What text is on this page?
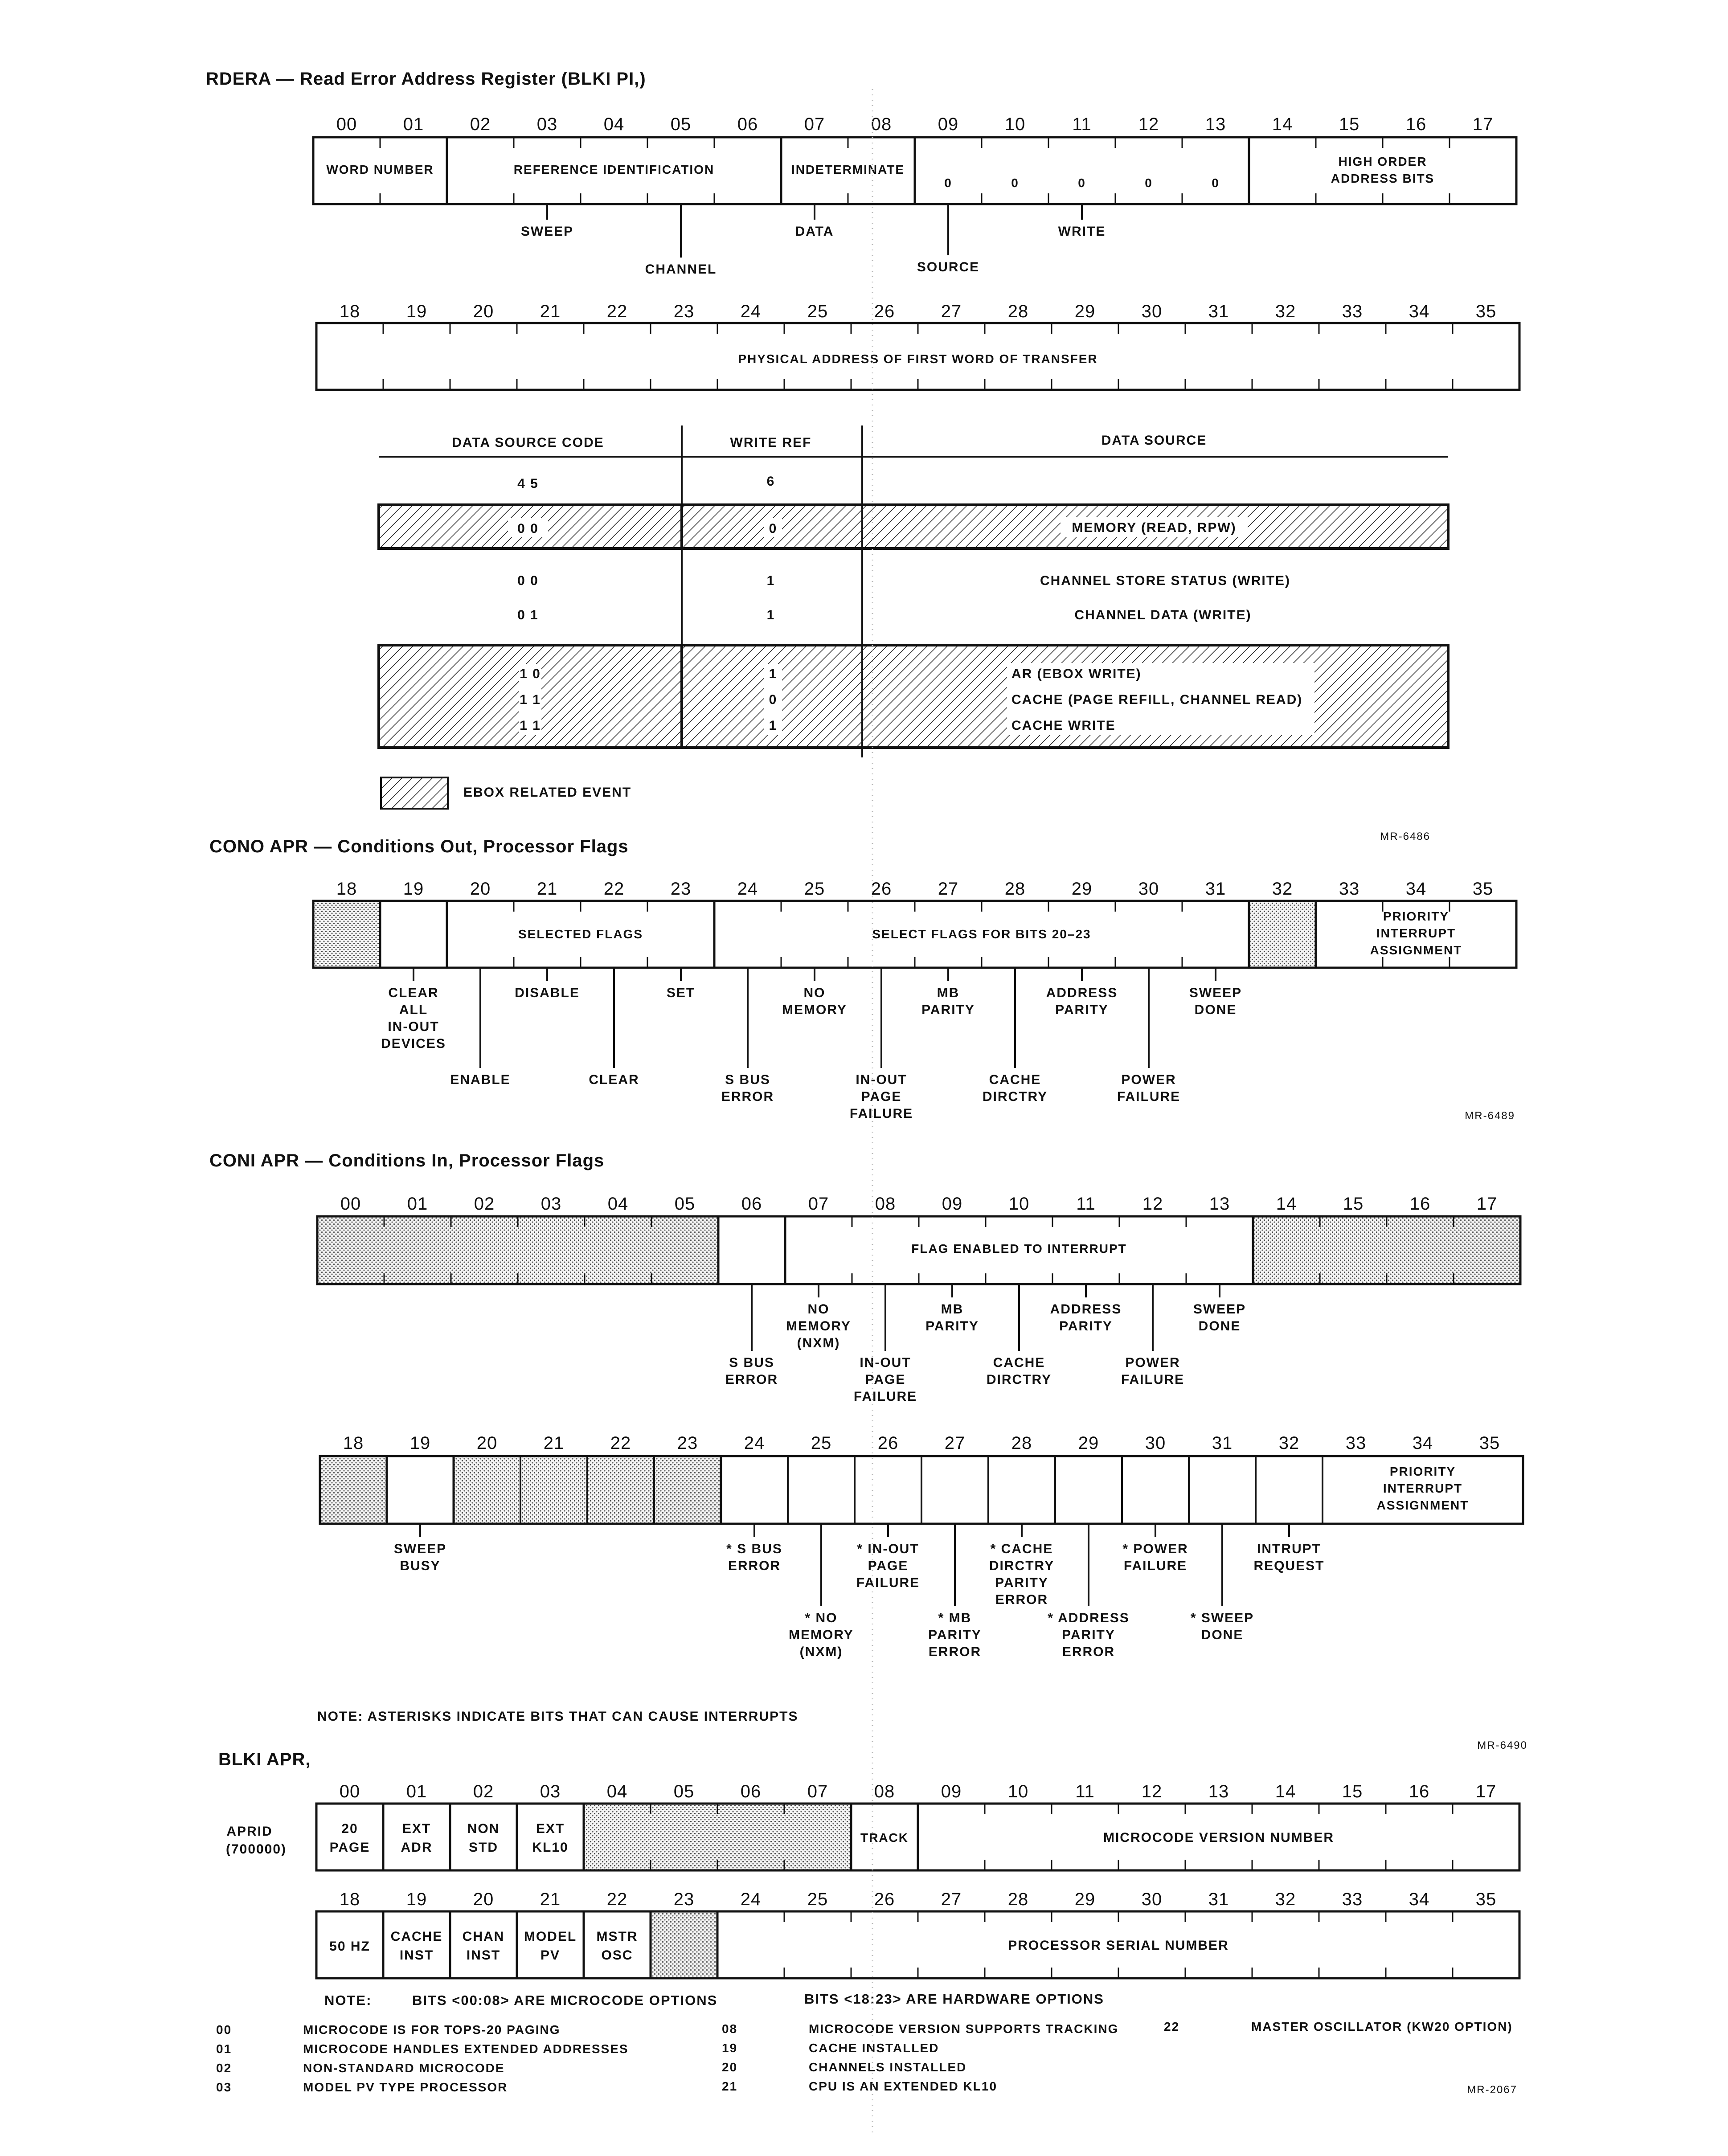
RDERA — Read Error Address Register (BLKI PI,)
00	01	02	03	04	05	06	07	08	09	10	11	12	13	14	15	16	17
WORD NUMBER	REFERENCE IDENTIFICATION	INDETERMINATE
0	0	0	0	0
HIGH ORDER
ADDRESS BITS
SWEEP
CHANNEL
DATA
SOURCE
WRITE
18	19	20	21	22	23	24	25	26	27	28	29	30	31	32	33	34	35
PHYSICAL ADDRESS OF FIRST WORD OF TRANSFER
DATA SOURCE CODE	WRITE REF	DATA SOURCE
4 5	6
0 0	0	MEMORY (READ, RPW)
0 0	1	CHANNEL STORE STATUS (WRITE)
0 1	1	CHANNEL DATA (WRITE)
1 0	1	AR (EBOX WRITE)
1 1	0	CACHE (PAGE REFILL, CHANNEL READ)
1 1	1	CACHE WRITE
EBOX RELATED EVENT
MR-6486
CONO APR — Conditions Out, Processor Flags
18	19	20	21	22	23	24	25	26	27	28	29	30	31	32	33	34	35
SELECTED FLAGS	SELECT FLAGS FOR BITS 20–23
PRIORITY
INTERRUPT
ASSIGNMENT
CLEAR
ALL
IN-OUT
DEVICES
DISABLE	SET	NO
MEMORY
MB
PARITY
ADDRESS
PARITY
SWEEP
DONE
ENABLE	CLEAR	S BUS
ERROR
IN-OUT
PAGE
FAILURE
CACHE
DIRCTRY
POWER
FAILURE
MR-6489
CONI APR — Conditions In, Processor Flags
00	01	02	03	04	05	06	07	08	09	10	11	12	13	14	15	16	17
FLAG ENABLED TO INTERRUPT
NO
MEMORY
(NXM)
MB
PARITY
ADDRESS
PARITY
SWEEP
DONE
S BUS
ERROR
IN-OUT
PAGE
FAILURE
CACHE
DIRCTRY
POWER
FAILURE
18	19	20	21	22	23	24	25	26	27	28	29	30	31	32	33	34	35
PRIORITY
INTERRUPT
ASSIGNMENT
SWEEP
BUSY
* S BUS
ERROR
* IN-OUT
PAGE
FAILURE
* CACHE
DIRCTRY
PARITY
ERROR
* POWER
FAILURE
INTRUPT
REQUEST
* NO
MEMORY
(NXM)
* MB
PARITY
ERROR
* ADDRESS
PARITY
ERROR
* SWEEP
DONE
NOTE: ASTERISKS INDICATE BITS THAT CAN CAUSE INTERRUPTS
MR-6490
BLKI APR,
APRID
(700000)
00	01	02	03	04	05	06	07	08	09	10	11	12	13	14	15	16	17
20
PAGE
EXT
ADR
NON
STD
EXT
KL10
TRACK	MICROCODE VERSION NUMBER
18	19	20	21	22	23	24	25	26	27	28	29	30	31	32	33	34	35
50 HZ
CACHE
INST
CHAN
INST
MODEL
PV
MSTR
OSC
PROCESSOR SERIAL NUMBER
NOTE:	BITS <00:08> ARE MICROCODE OPTIONS	BITS <18:23> ARE HARDWARE OPTIONS
00	MICROCODE IS FOR TOPS-20 PAGING
01	MICROCODE HANDLES EXTENDED ADDRESSES
02	NON-STANDARD MICROCODE
03	MODEL PV TYPE PROCESSOR
08	MICROCODE VERSION SUPPORTS TRACKING
19	CACHE INSTALLED
20	CHANNELS INSTALLED
21	CPU IS AN EXTENDED KL10
22	MASTER OSCILLATOR (KW20 OPTION)
MR-2067
